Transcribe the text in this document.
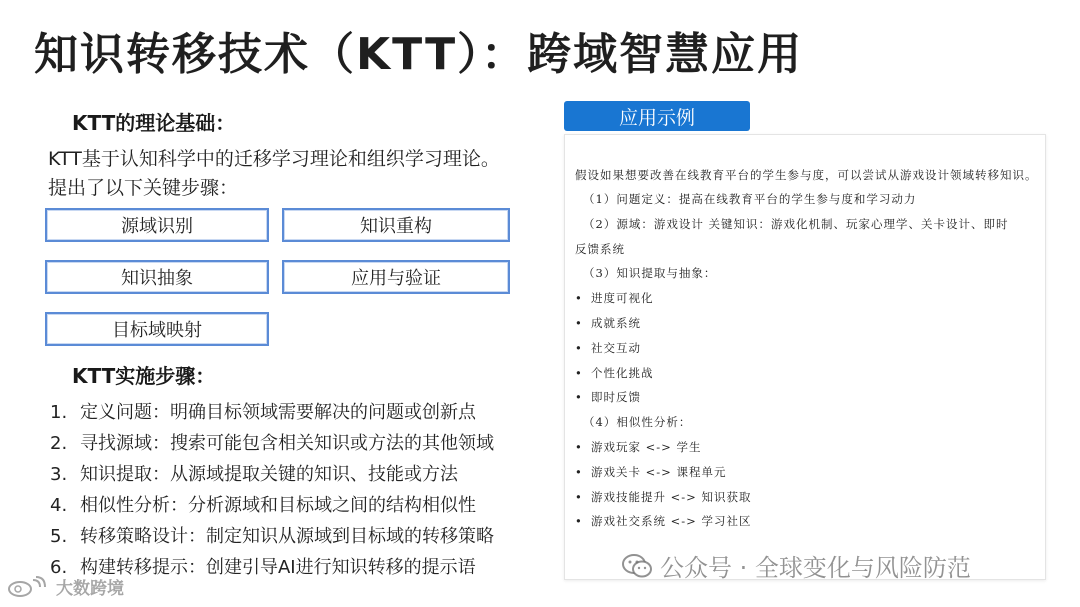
知识转移技术（KTT）：跨域智慧应用
KTT的理论基础：
KTT基于认知科学中的迁移学习理论和组织学习理论。
提出了以下关键步骤：
源域识别	知识重构
知识抽象	应用与验证
目标域映射
KTT实施步骤：
1. 定义问题：明确目标领域需要解决的问题或创新点
2. 寻找源域：搜索可能包含相关知识或方法的其他领域
3. 知识提取：从源域提取关键的知识、技能或方法
4. 相似性分析：分析源域和目标域之间的结构相似性
5. 转移策略设计：制定知识从源域到目标域的转移策略
6. 构建转移提示：创建引导AI进行知识转移的提示语
应用示例
假设如果想要改善在线教育平台的学生参与度，可以尝试从游戏设计领域转移知识。
（1）问题定义：提高在线教育平台的学生参与度和学习动力
（2）源域：游戏设计 关键知识：游戏化机制、玩家心理学、关卡设计、即时
反馈系统
（3）知识提取与抽象：
• 进度可视化
• 成就系统
• 社交互动
• 个性化挑战
• 即时反馈
（4）相似性分析：
• 游戏玩家 <-> 学生
• 游戏关卡 <-> 课程单元
• 游戏技能提升 <-> 知识获取
• 游戏社交系统 <-> 学习社区
公众号 · 全球变化与风险防范
大数跨境
